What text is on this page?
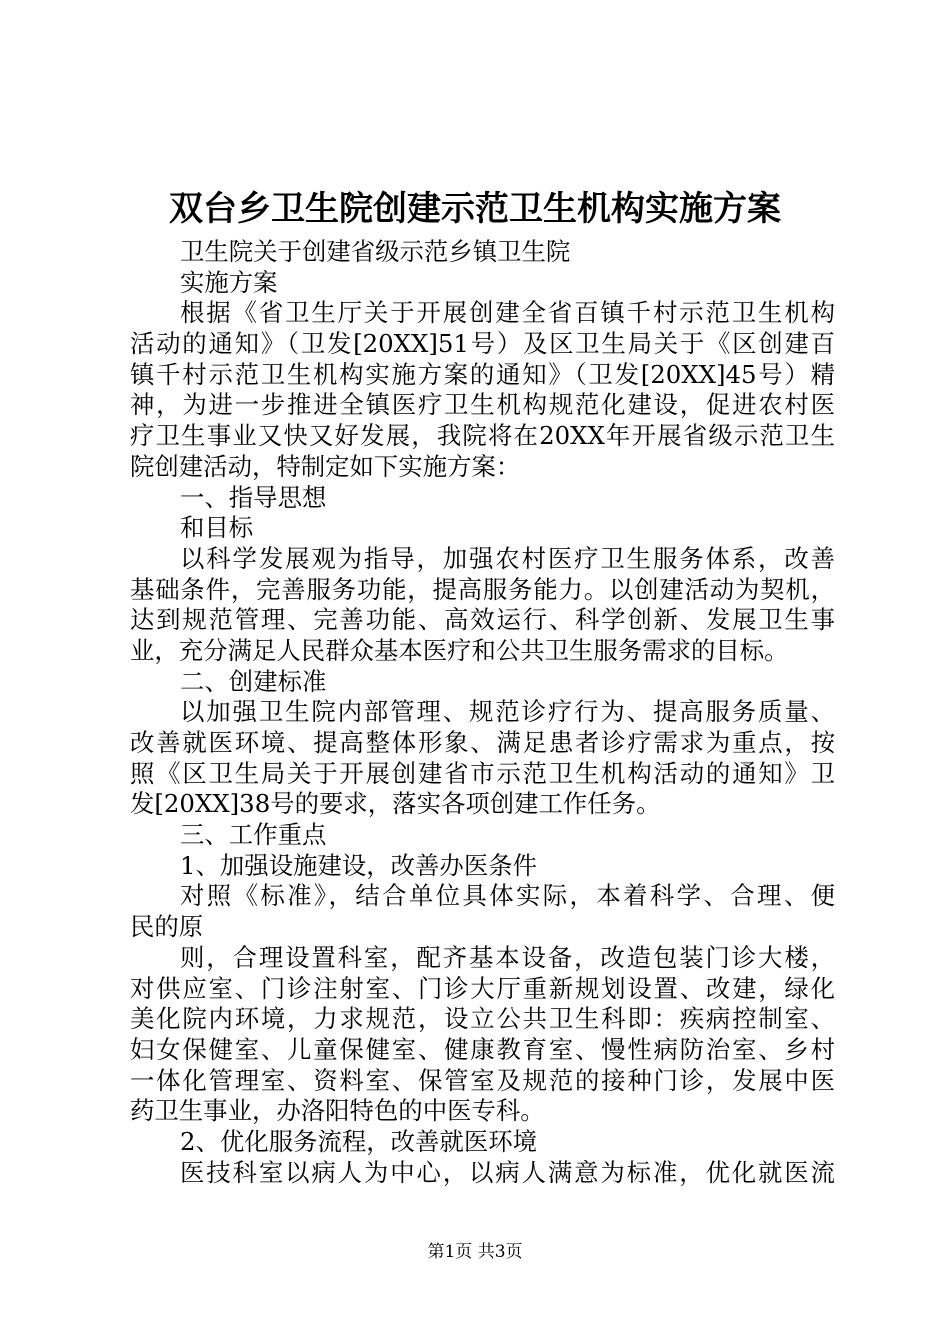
双台乡卫生院创建示范卫生机构实施方案
卫生院关于创建省级示范乡镇卫生院
实施方案
根据《省卫生厅关于开展创建全省百镇千村示范卫生机构
活动的通知》（卫发[20XX]51号）及区卫生局关于《区创建百
镇千村示范卫生机构实施方案的通知》（卫发[20XX]45号）精
神，为进一步推进全镇医疗卫生机构规范化建设，促进农村医
疗卫生事业又快又好发展，我院将在20XX年开展省级示范卫生
院创建活动，特制定如下实施方案：
一、指导思想
和目标
以科学发展观为指导，加强农村医疗卫生服务体系，改善
基础条件，完善服务功能，提高服务能力。以创建活动为契机，
达到规范管理、完善功能、高效运行、科学创新、发展卫生事
业，充分满足人民群众基本医疗和公共卫生服务需求的目标。
二、创建标准
以加强卫生院内部管理、规范诊疗行为、提高服务质量、
改善就医环境、提高整体形象、满足患者诊疗需求为重点，按
照《区卫生局关于开展创建省市示范卫生机构活动的通知》卫
发[20XX]38号的要求，落实各项创建工作任务。
三、工作重点
1、加强设施建设，改善办医条件
对照《标准》，结合单位具体实际，本着科学、合理、便
民的原
则，合理设置科室，配齐基本设备，改造包装门诊大楼，
对供应室、门诊注射室、门诊大厅重新规划设置、改建，绿化
美化院内环境，力求规范，设立公共卫生科即：疾病控制室、
妇女保健室、儿童保健室、健康教育室、慢性病防治室、乡村
一体化管理室、资料室、保管室及规范的接种门诊，发展中医
药卫生事业，办洛阳特色的中医专科。
2、优化服务流程，改善就医环境
医技科室以病人为中心，以病人满意为标准，优化就医流
第1页 共3页
